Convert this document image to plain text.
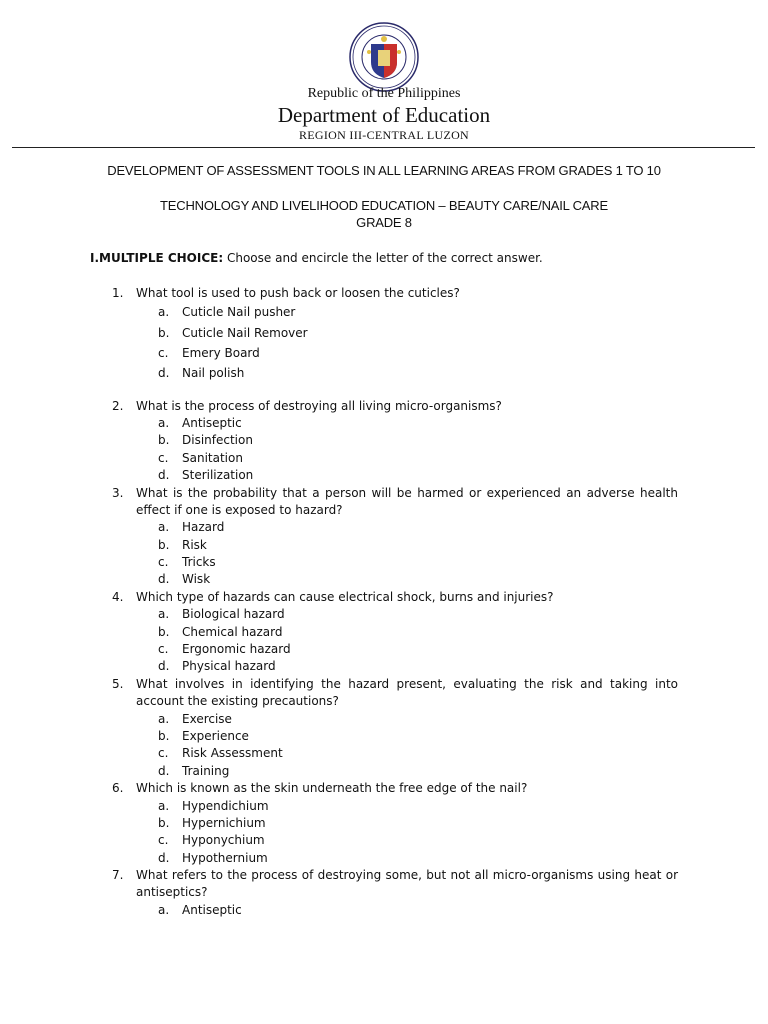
Republic of the Philippines
Department of Education
REGION III-CENTRAL LUZON
DEVELOPMENT OF ASSESSMENT TOOLS IN ALL LEARNING AREAS FROM GRADES 1 TO 10
TECHNOLOGY AND LIVELIHOOD EDUCATION – BEAUTY CARE/NAIL CARE
GRADE 8
I.MULTIPLE CHOICE: Choose and encircle the letter of the correct answer.
1.	What tool is used to push back or loosen the cuticles?
a. Cuticle Nail pusher
b. Cuticle Nail Remover
c. Emery Board
d. Nail polish
2.	What is the process of destroying all living micro-organisms?
a. Antiseptic
b. Disinfection
c. Sanitation
d. Sterilization
3.	What is the probability that a person will be harmed or experienced an adverse health effect if one is exposed to hazard?
a. Hazard
b. Risk
c. Tricks
d. Wisk
4.	Which type of hazards can cause electrical shock, burns and injuries?
a. Biological hazard
b. Chemical hazard
c. Ergonomic hazard
d. Physical hazard
5.	What involves in identifying the hazard present, evaluating the risk and taking into account the existing precautions?
a. Exercise
b. Experience
c. Risk Assessment
d. Training
6.	Which is known as the skin underneath the free edge of the nail?
a. Hypendichium
b. Hypernichium
c. Hyponychium
d. Hypothernium
7.	What refers to the process of destroying some, but not all micro-organisms using heat or antiseptics?
a. Antiseptic
